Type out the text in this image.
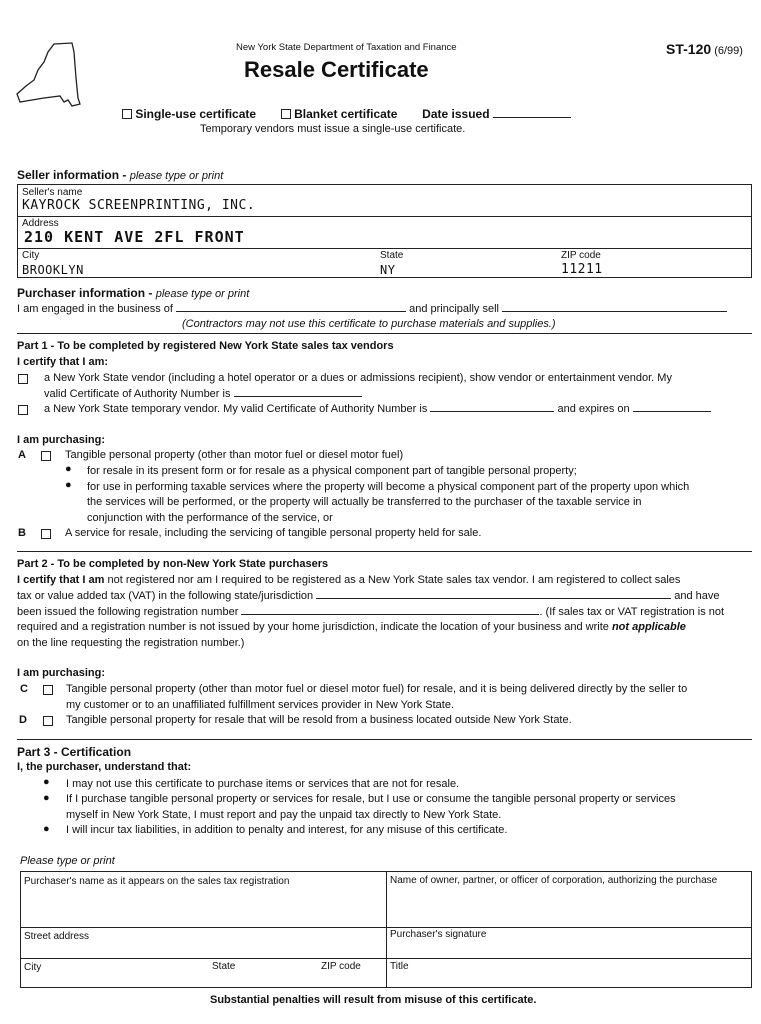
New York State Department of Taxation and Finance
Resale Certificate
ST-120 (6/99)
Single-use certificate	Blanket certificate Date issued
Temporary vendors must issue a single-use certificate.
Seller information - please type or print
Seller's name
KAYROCK SCREENPRINTING, INC.
Address
210 KENT AVE 2FL FRONT
City
BROOKLYN
State
NY
ZIP code
11211
Purchaser information - please type or print
I am engaged in the business of	and principally sell
(Contractors may not use this certificate to purchase materials and supplies.)
Part 1 - To be completed by registered New York State sales tax vendors
I certify that I am:
a New York State vendor (including a hotel operator or a dues or admissions recipient), show vendor or entertainment vendor. My
valid Certificate of Authority Number is
a New York State temporary vendor. My valid Certificate of Authority Number is	and expires on
I am purchasing:
A	Tangible personal property (other than motor fuel or diesel motor fuel)
● for resale in its present form or for resale as a physical component part of tangible personal property;
● for use in performing taxable services where the property will become a physical component part of the property upon which
the services will be performed, or the property will actually be transferred to the purchaser of the taxable service in
conjunction with the performance of the service, or
B	A service for resale, including the servicing of tangible personal property held for sale.
Part 2 - To be completed by non-New York State purchasers
I certify that I am not registered nor am I required to be registered as a New York State sales tax vendor. I am registered to collect sales
tax or value added tax (VAT) in the following state/jurisdiction	and have
been issued the following registration number	. (If sales tax or VAT registration is not
required and a registration number is not issued by your home jurisdiction, indicate the location of your business and write not applicable
on the line requesting the registration number.)
I am purchasing:
C	Tangible personal property (other than motor fuel or diesel motor fuel) for resale, and it is being delivered directly by the seller to
my customer or to an unaffiliated fulfillment services provider in New York State.
D	Tangible personal property for resale that will be resold from a business located outside New York State.
Part 3 - Certification
I, the purchaser, understand that:
● I may not use this certificate to purchase items or services that are not for resale.
● If I purchase tangible personal property or services for resale, but I use or consume the tangible personal property or services
myself in New York State, I must report and pay the unpaid tax directly to New York State.
● I will incur tax liabilities, in addition to penalty and interest, for any misuse of this certificate.
Please type or print
Purchaser's name as it appears on the sales tax registration	Name of owner, partner, or officer of corporation, authorizing the purchase
Street address	Purchaser's signature
City	State	ZIP code	Title
Substantial penalties will result from misuse of this certificate.
